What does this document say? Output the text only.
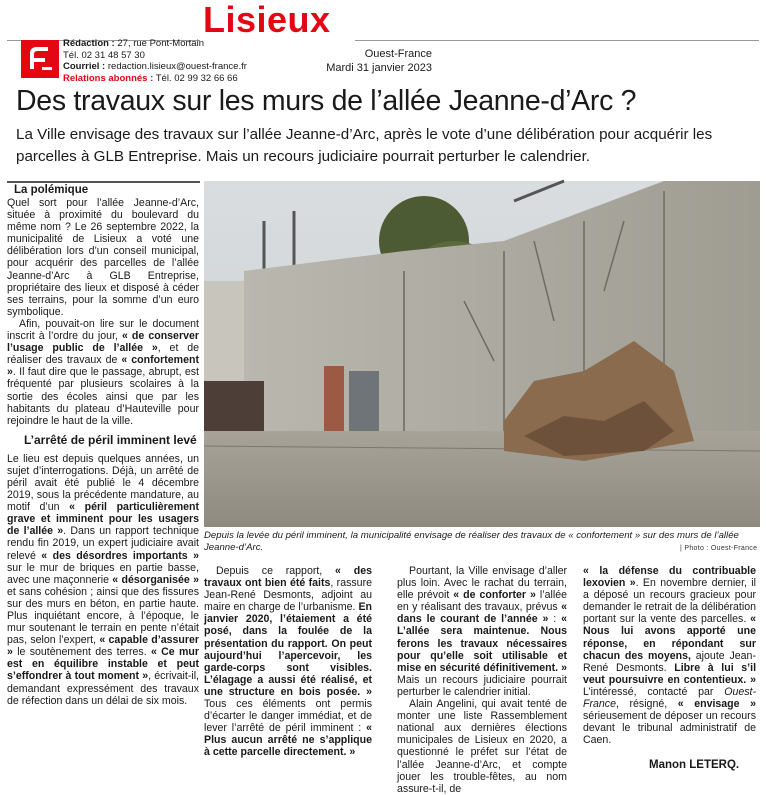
Lisieux
Rédaction : 27, rue Pont-Mortain
Tél. 02 31 48 57 30
Courriel : redaction.lisieux@ouest-france.fr
Relations abonnés : Tél. 02 99 32 66 66
Ouest-France
Mardi 31 janvier 2023
Des travaux sur les murs de l’allée Jeanne-d’Arc ?

La Ville envisage des travaux sur l’allée Jeanne-d’Arc, après le vote d’une délibération pour acquérir les parcelles à GLB Entreprise. Mais un recours judiciaire pourrait perturber le calendrier.

La polémique

Quel sort pour l’allée Jeanne-d’Arc, située à proximité du boulevard du même nom ? Le 26 septembre 2022, la municipalité de Lisieux a voté une délibération lors d’un conseil municipal, pour acquérir des parcelles de l’allée Jeanne-d’Arc à GLB Entreprise, propriétaire des lieux et disposé à céder ses terrains, pour la somme d’un euro symbolique.

Afin, pouvait-on lire sur le document inscrit à l’ordre du jour, « de conserver l’usage public de l’allée », et de réaliser des travaux de « confortement ». Il faut dire que le passage, abrupt, est fréquenté par plusieurs scolaires à la sortie des écoles ainsi que par les habitants du plateau d’Hauteville pour rejoindre le haut de la ville.

L’arrêté de péril imminent levé

Le lieu est depuis quelques années, un sujet d’interrogations. Déjà, un arrêté de péril avait été publié le 4 décembre 2019, sous la précédente mandature, au motif d’un « péril particulièrement grave et imminent pour les usagers de l’allée ». Dans un rapport technique rendu fin 2019, un expert judiciaire avait relevé « des désordres importants » sur le mur de briques en partie basse, avec une maçonnerie « désorganisée » et sans cohésion ; ainsi que des fissures sur des murs en béton, en partie haute. Plus inquiétant encore, à l’époque, le mur soutenant le terrain en pente n’était pas, selon l’expert, « capable d’assurer » le soutènement des terres. « Ce mur est en équilibre instable et peut s’effondrer à tout moment », écrivait-il, demandant expressément des travaux de réfection dans un délai de six mois.

Depuis la levée du péril imminent, la municipalité envisage de réaliser des travaux de « confortement » sur des murs de l’allée Jeanne-d’Arc.	| Photo : Ouest-France

Depuis ce rapport, « des travaux ont bien été faits, rassure Jean-René Desmonts, adjoint au maire en charge de l’urbanisme. En janvier 2020, l’étaiement a été posé, dans la foulée de la présentation du rapport. On peut aujourd’hui l’apercevoir, les garde-corps sont visibles. L’élagage a aussi été réalisé, et une structure en bois posée. » Tous ces éléments ont permis d’écarter le danger immédiat, et de lever l’arrêté de péril imminent : « Plus aucun arrêté ne s’applique à cette parcelle directement. »

Pourtant, la Ville envisage d’aller plus loin. Avec le rachat du terrain, elle prévoit « de conforter » l’allée en y réalisant des travaux, prévus « dans le courant de l’année » : « L’allée sera maintenue. Nous ferons les travaux nécessaires pour qu’elle soit utilisable et mise en sécurité définitivement. » Mais un recours judiciaire pourrait perturber le calendrier initial.

Alain Angelini, qui avait tenté de monter une liste Rassemblement national aux dernières élections municipales de Lisieux en 2020, a questionné le préfet sur l’état de l’allée Jeanne-d’Arc, et compte jouer les trouble-fêtes, au nom assure-t-il, de

« la défense du contribuable lexovien ». En novembre dernier, il a déposé un recours gracieux pour demander le retrait de la délibération portant sur la vente des parcelles. « Nous lui avons apporté une réponse, en répondant sur chacun des moyens, ajoute Jean-René Desmonts. Libre à lui s’il veut poursuivre en contentieux. » L’intéressé, contacté par Ouest-France, résigné, « envisage » sérieusement de déposer un recours devant le tribunal administratif de Caen.

Manon LETERQ.
